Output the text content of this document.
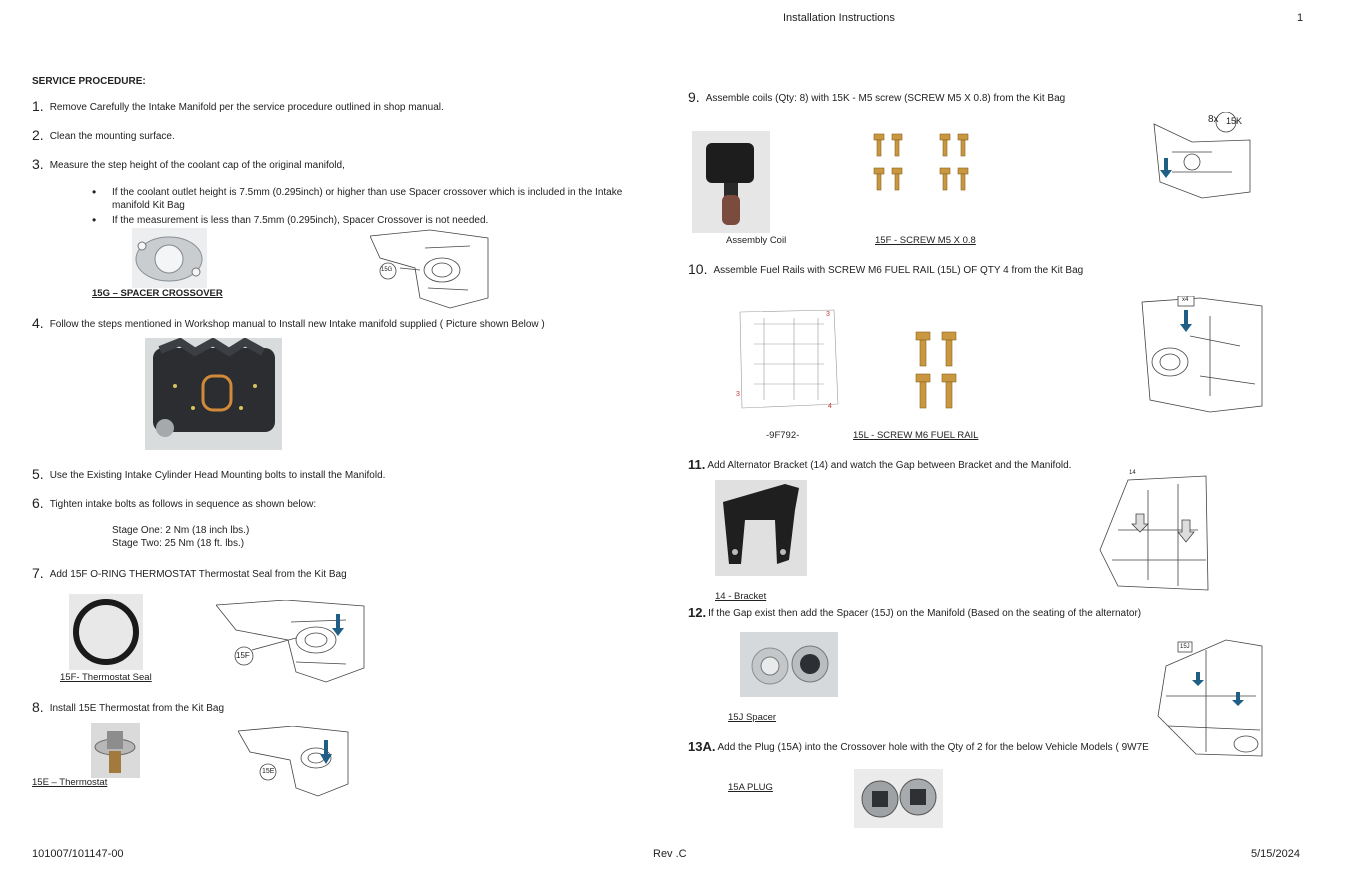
Installation Instructions	1
SERVICE PROCEDURE:
1. Remove Carefully the Intake Manifold per the service procedure outlined in shop manual.
2. Clean the mounting surface.
3. Measure the step height of the coolant cap of the original manifold,
• If the coolant outlet height is 7.5mm (0.295inch) or higher than use Spacer crossover which is included in the Intake manifold Kit Bag
• If the measurement is less than 7.5mm (0.295inch), Spacer Crossover is not needed.
15G – SPACER CROSSOVER
15G
4. Follow the steps mentioned in Workshop manual to Install new Intake manifold supplied ( Picture shown Below )
5. Use the Existing Intake Cylinder Head Mounting bolts to install the Manifold.
6. Tighten intake bolts as follows in sequence as shown below:
Stage One: 2 Nm (18 inch lbs.)
Stage Two: 25 Nm (18 ft. lbs.)
7. Add 15F O-RING THERMOSTAT Thermostat Seal from the Kit Bag
15F- Thermostat Seal
15F
8. Install 15E Thermostat from the Kit Bag
15E – Thermostat
15E
9. Assemble coils (Qty: 8) with 15K - M5 screw (SCREW M5 X 0.8) from the Kit Bag
Assembly Coil	15F - SCREW M5 X 0.8
8x 15K
10. Assemble Fuel Rails with SCREW M6 FUEL RAIL (15L) OF QTY 4 from the Kit Bag
3
3
4
-9F792-	15L - SCREW M6 FUEL RAIL
x4
11. Add Alternator Bracket (14) and watch the Gap between Bracket and the Manifold.
14 - Bracket
14
12. If the Gap exist then add the Spacer (15J) on the Manifold (Based on the seating of the alternator)
15J Spacer
15J
13A. Add the Plug (15A) into the Crossover hole with the Qty of 2 for the below Vehicle Models ( 9W7E
15A PLUG
101007/101147-00	Rev .C	5/15/2024
